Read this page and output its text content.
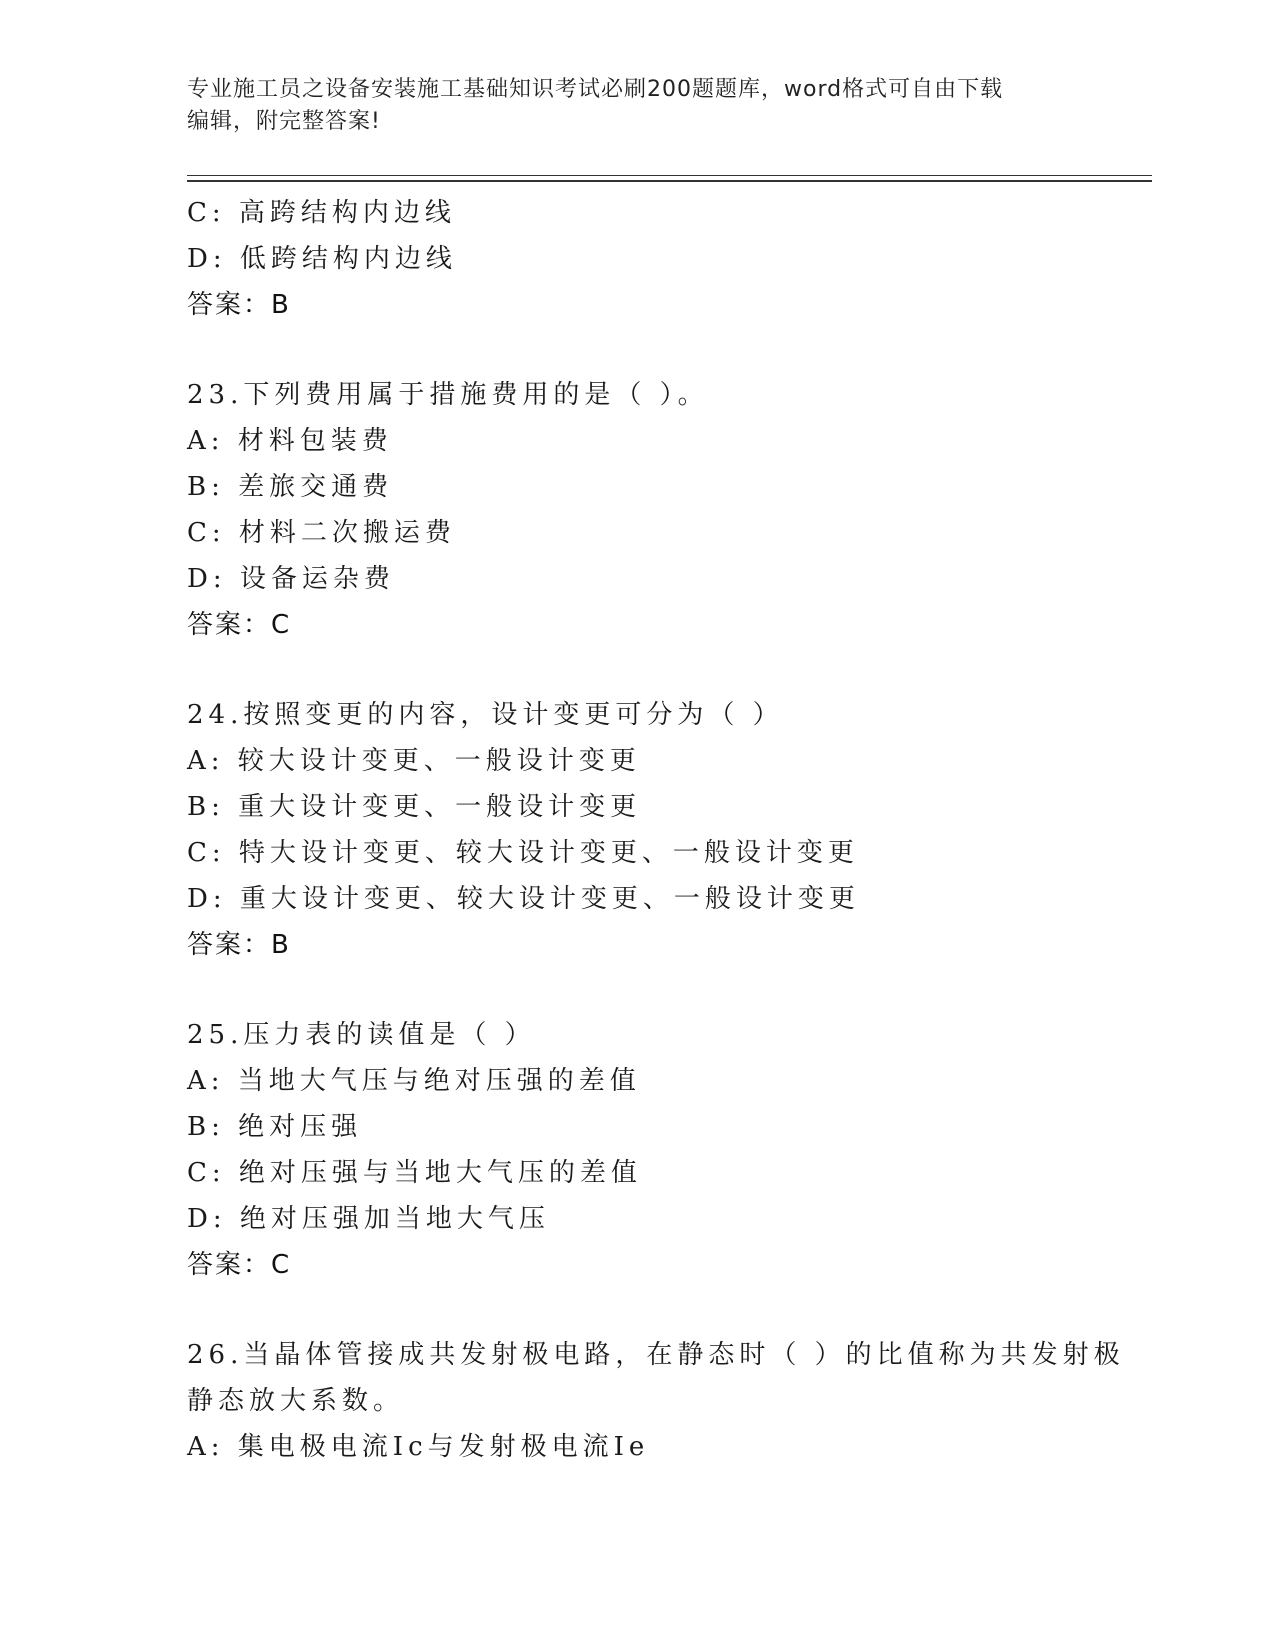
专业施工员之设备安装施工基础知识考试必刷200题题库，word格式可自由下载
编辑，附完整答案!
C: 高跨结构内边线
D: 低跨结构内边线
答案：B
23.下列费用属于措施费用的是（ ）。
A: 材料包装费
B: 差旅交通费
C: 材料二次搬运费
D: 设备运杂费
答案：C
24.按照变更的内容，设计变更可分为（ ）
A: 较大设计变更、一般设计变更
B: 重大设计变更、一般设计变更
C: 特大设计变更、较大设计变更、一般设计变更
D: 重大设计变更、较大设计变更、一般设计变更
答案：B
25.压力表的读值是（ ）
A: 当地大气压与绝对压强的差值
B: 绝对压强
C: 绝对压强与当地大气压的差值
D: 绝对压强加当地大气压
答案：C
26.当晶体管接成共发射极电路，在静态时（ ）的比值称为共发射极
静态放大系数。
A: 集电极电流Ic与发射极电流Ie
